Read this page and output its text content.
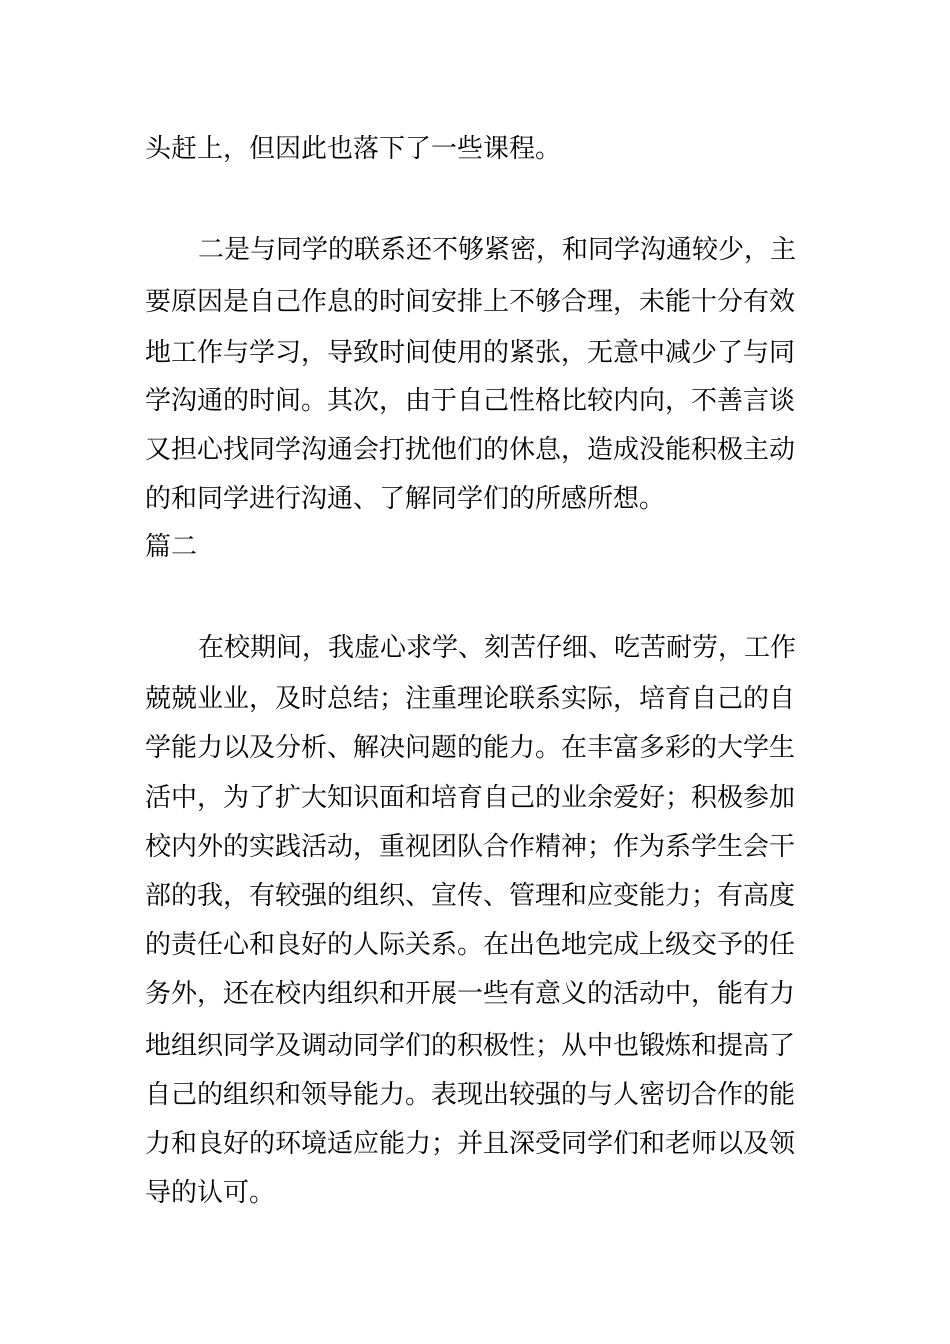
头赶上，但因此也落下了一些课程。
二是与同学的联系还不够紧密，和同学沟通较少，主
要原因是自己作息的时间安排上不够合理，未能十分有效
地工作与学习，导致时间使用的紧张，无意中减少了与同
学沟通的时间。其次，由于自己性格比较内向，不善言谈
又担心找同学沟通会打扰他们的休息，造成没能积极主动
的和同学进行沟通、了解同学们的所感所想。
篇二
在校期间，我虚心求学、刻苦仔细、吃苦耐劳，工作
兢兢业业，及时总结；注重理论联系实际，培育自己的自
学能力以及分析、解决问题的能力。在丰富多彩的大学生
活中，为了扩大知识面和培育自己的业余爱好；积极参加
校内外的实践活动，重视团队合作精神；作为系学生会干
部的我，有较强的组织、宣传、管理和应变能力；有高度
的责任心和良好的人际关系。在出色地完成上级交予的任
务外，还在校内组织和开展一些有意义的活动中，能有力
地组织同学及调动同学们的积极性；从中也锻炼和提高了
自己的组织和领导能力。表现出较强的与人密切合作的能
力和良好的环境适应能力；并且深受同学们和老师以及领
导的认可。
